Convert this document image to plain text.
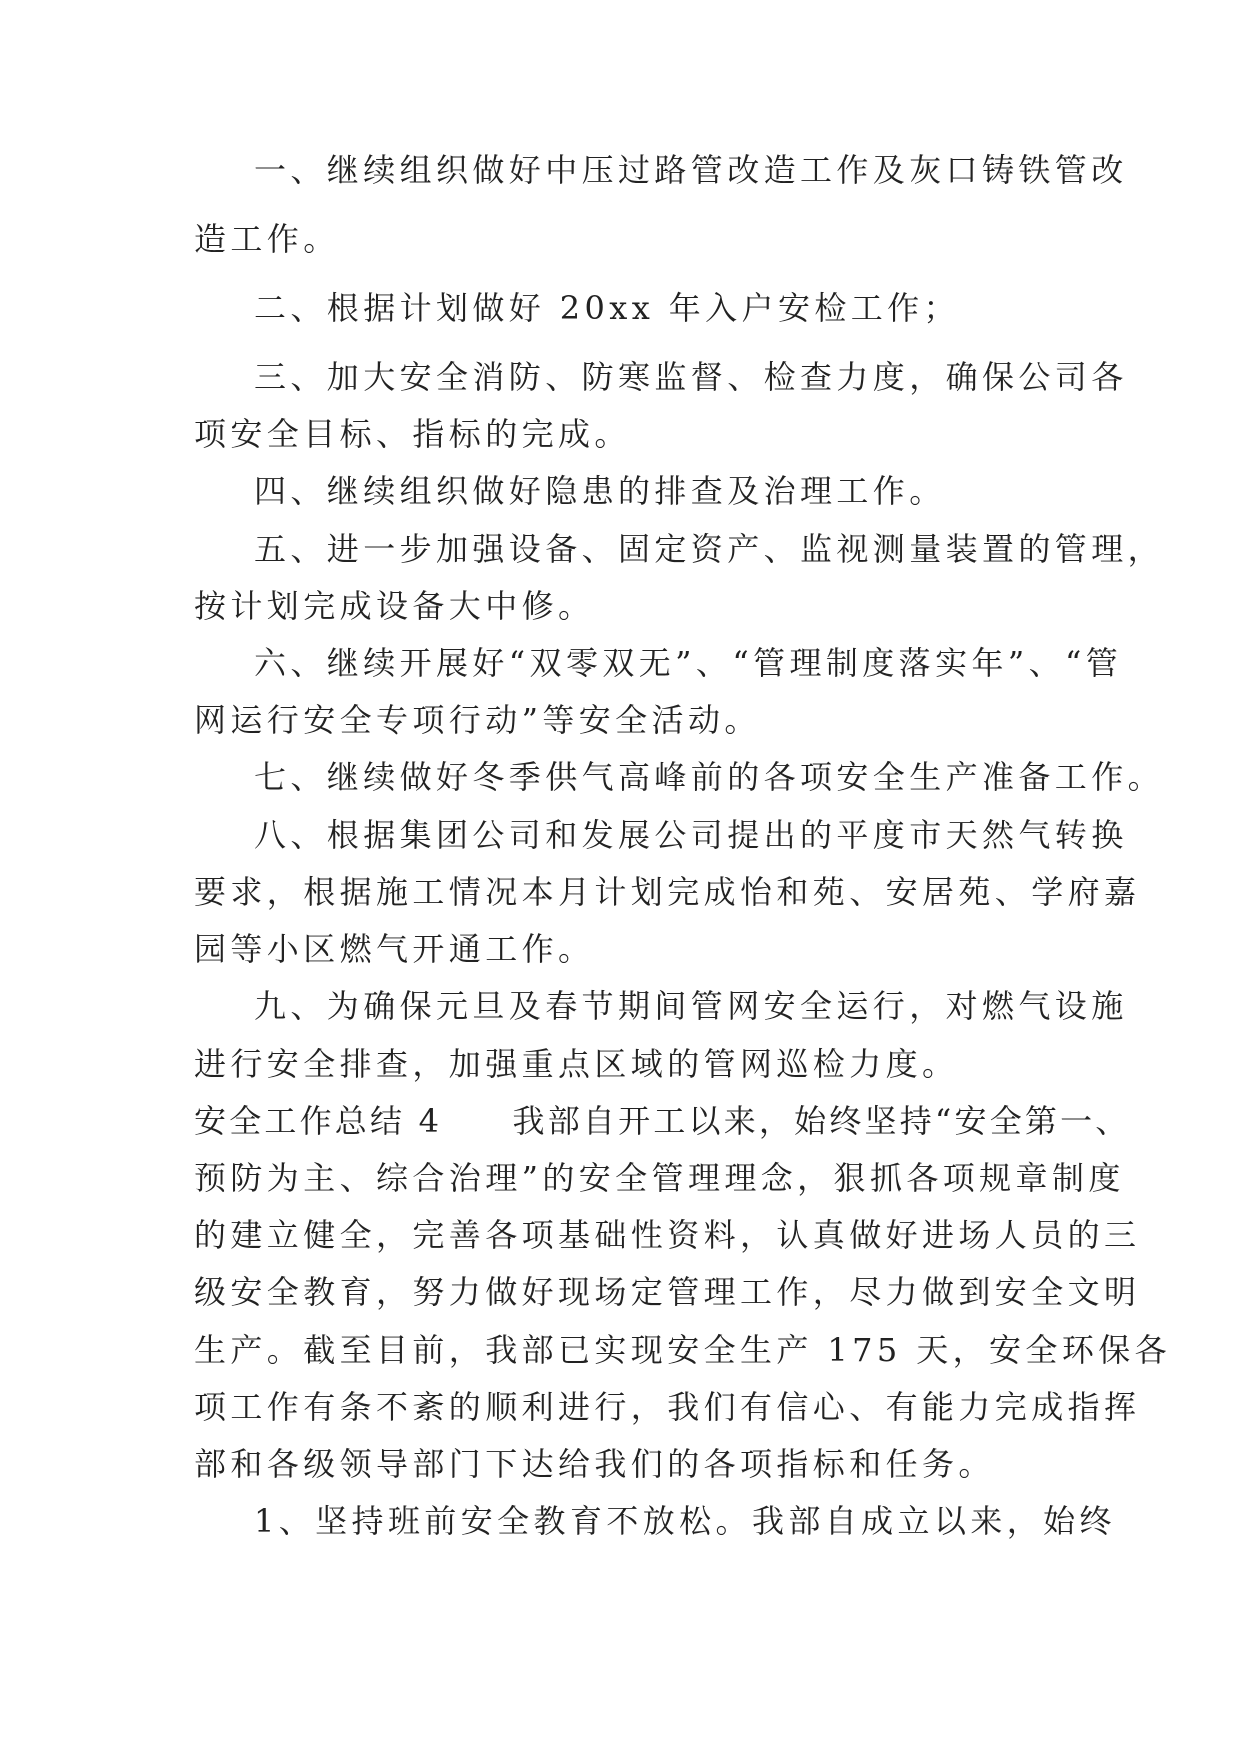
一、继续组织做好中压过路管改造工作及灰口铸铁管改
造工作。
二、根据计划做好 20xx 年入户安检工作；
三、加大安全消防、防寒监督、检查力度，确保公司各
项安全目标、指标的完成。
四、继续组织做好隐患的排查及治理工作。
五、进一步加强设备、固定资产、监视测量装置的管理，
按计划完成设备大中修。
六、继续开展好“双零双无”、“管理制度落实年”、“管
网运行安全专项行动”等安全活动。
七、继续做好冬季供气高峰前的各项安全生产准备工作。
八、根据集团公司和发展公司提出的平度市天然气转换
要求，根据施工情况本月计划完成怡和苑、安居苑、学府嘉
园等小区燃气开通工作。
九、为确保元旦及春节期间管网安全运行，对燃气设施
进行安全排查，加强重点区域的管网巡检力度。
安全工作总结 4　　我部自开工以来，始终坚持“安全第一、
预防为主、综合治理”的安全管理理念，狠抓各项规章制度
的建立健全，完善各项基础性资料，认真做好进场人员的三
级安全教育，努力做好现场定管理工作，尽力做到安全文明
生产。截至目前，我部已实现安全生产 175 天，安全环保各
项工作有条不紊的顺利进行，我们有信心、有能力完成指挥
部和各级领导部门下达给我们的各项指标和任务。
1、坚持班前安全教育不放松。我部自成立以来，始终
